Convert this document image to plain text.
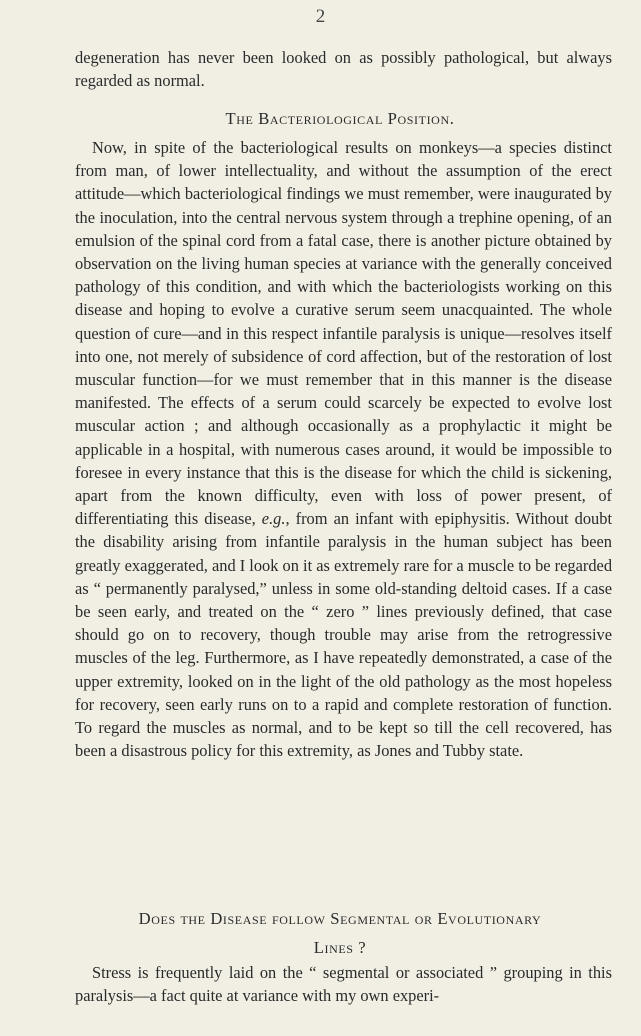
2

degeneration has never been looked on as possibly pathological, but always regarded as normal.

The Bacteriological Position.

Now, in spite of the bacteriological results on monkeys—a species distinct from man, of lower intellectuality, and without the assumption of the erect attitude—which bacteriological findings we must remember, were inaugurated by the inoculation, into the central nervous system through a trephine opening, of an emulsion of the spinal cord from a fatal case, there is another picture obtained by observation on the living human species at variance with the generally conceived pathology of this condition, and with which the bacteriologists working on this disease and hoping to evolve a curative serum seem unacquainted. The whole question of cure—and in this respect infantile paralysis is unique—resolves itself into one, not merely of subsidence of cord affection, but of the restoration of lost muscular function—for we must remember that in this manner is the disease manifested. The effects of a serum could scarcely be expected to evolve lost muscular action ; and although occasionally as a prophylactic it might be applicable in a hospital, with numerous cases around, it would be impossible to foresee in every instance that this is the disease for which the child is sickening, apart from the known difficulty, even with loss of power present, of differentiating this disease, e.g., from an infant with epiphysitis. Without doubt the disability arising from infantile paralysis in the human subject has been greatly exaggerated, and I look on it as extremely rare for a muscle to be regarded as “ permanently paralysed,” unless in some old-standing deltoid cases. If a case be seen early, and treated on the “ zero ” lines previously defined, that case should go on to recovery, though trouble may arise from the retrogressive muscles of the leg. Furthermore, as I have repeatedly demonstrated, a case of the upper extremity, looked on in the light of the old pathology as the most hopeless for recovery, seen early runs on to a rapid and complete restoration of function. To regard the muscles as normal, and to be kept so till the cell recovered, has been a disastrous policy for this extremity, as Jones and Tubby state.

Does the Disease follow Segmental or Evolutionary
Lines ?

Stress is frequently laid on the “ segmental or associated ” grouping in this paralysis—a fact quite at variance with my own experi-
